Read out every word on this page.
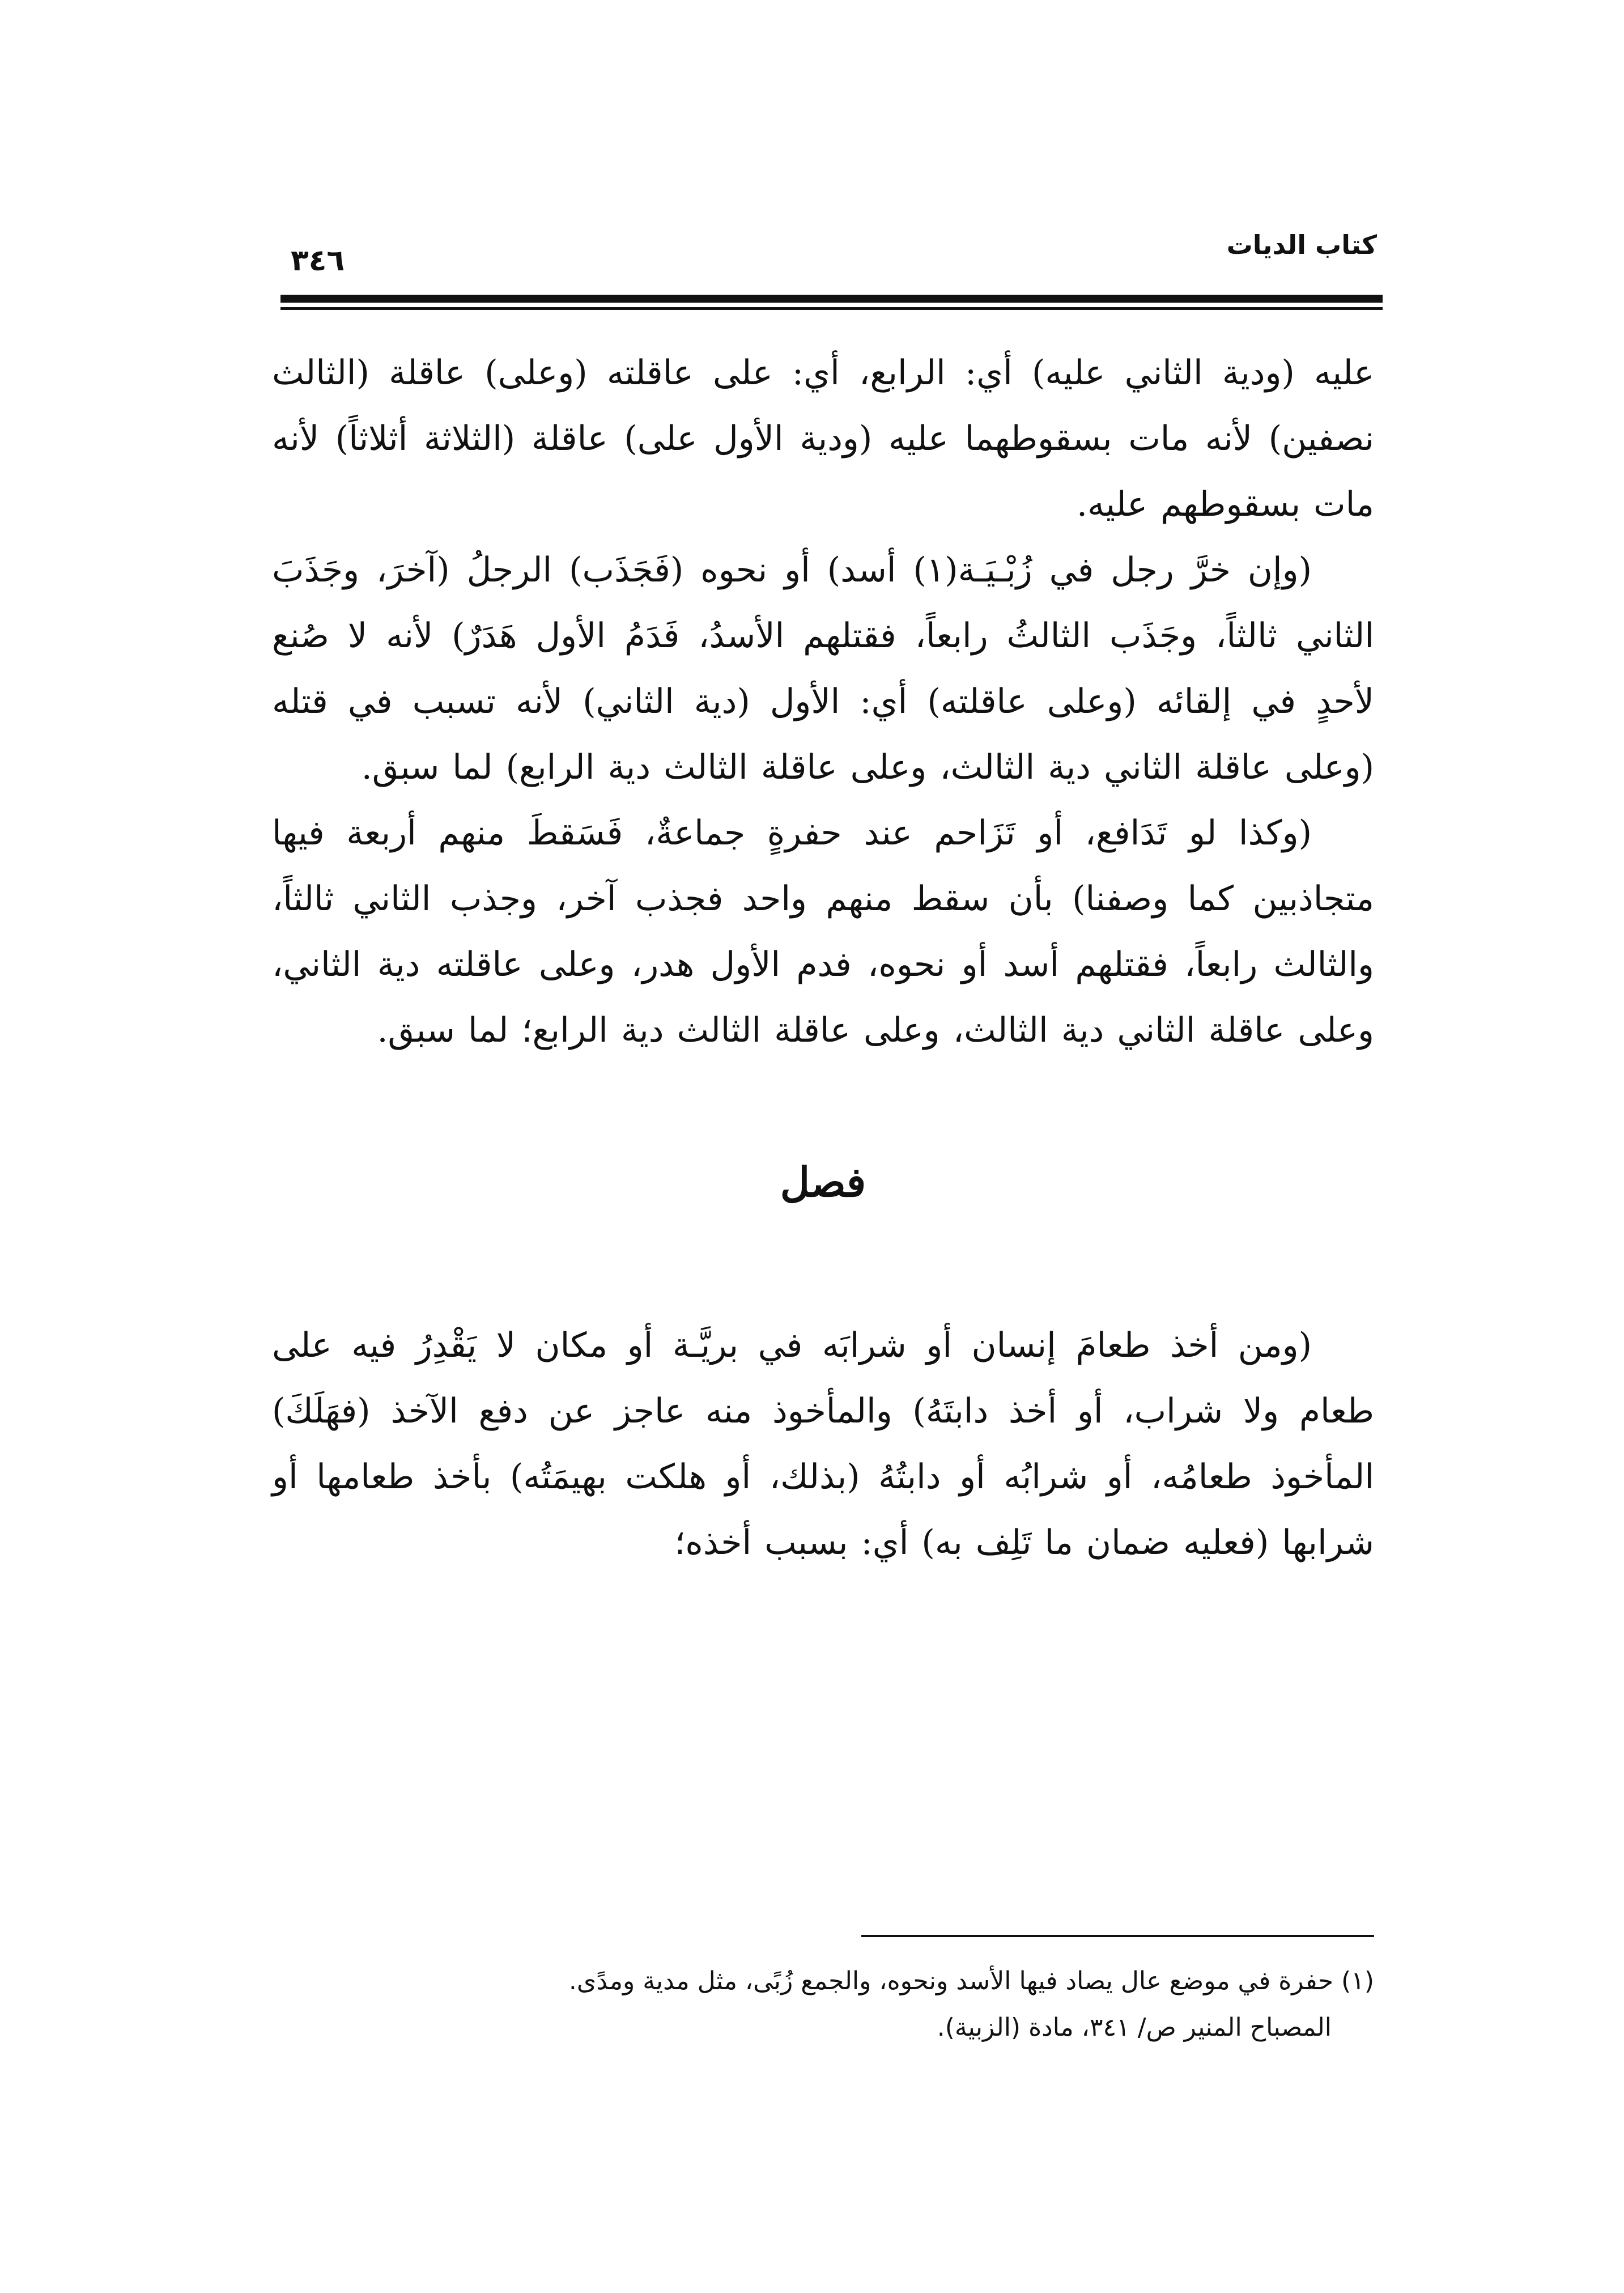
كتاب الديات
٣٤٦

عليه (ودية الثاني عليه) أي: الرابع، أي: على عاقلته (وعلى) عاقلة (الثالث نصفين) لأنه مات بسقوطهما عليه (ودية الأول على) عاقلة (الثلاثة أثلاثاً) لأنه مات بسقوطهم عليه.

(وإن خرَّ رجل في زُبْـيَـة(١) أسد) أو نحوه (فَجَذَب) الرجلُ (آخرَ، وجَذَبَ الثاني ثالثاً، وجَذَب الثالثُ رابعاً، فقتلهم الأسدُ، فَدَمُ الأول هَدَرٌ) لأنه لا صُنع لأحدٍ في إلقائه (وعلى عاقلته) أي: الأول (دية الثاني) لأنه تسبب في قتله (وعلى عاقلة الثاني دية الثالث، وعلى عاقلة الثالث دية الرابع) لما سبق.

(وكذا لو تَدَافع، أو تَزَاحم عند حفرةٍ جماعةٌ، فَسَقطَ منهم أربعة فيها متجاذبين كما وصفنا) بأن سقط منهم واحد فجذب آخر، وجذب الثاني ثالثاً، والثالث رابعاً، فقتلهم أسد أو نحوه، فدم الأول هدر، وعلى عاقلته دية الثاني، وعلى عاقلة الثاني دية الثالث، وعلى عاقلة الثالث دية الرابع؛ لما سبق.

فصل

(ومن أخذ طعامَ إنسان أو شرابَه في بريَّـة أو مكان لا يَقْدِرُ فيه على طعام ولا شراب، أو أخذ دابتَهُ) والمأخوذ منه عاجز عن دفع الآخذ (فهَلَكَ) المأخوذ طعامُه، أو شرابُه أو دابتُهُ (بذلك، أو هلكت بهيمَتُه) بأخذ طعامها أو شرابها (فعليه ضمان ما تَلِف به) أي: بسبب أخذه؛

(١) حفرة في موضع عال يصاد فيها الأسد ونحوه، والجمع زُبًى، مثل مدية ومدًى.

المصباح المنير ص/ ٣٤١، مادة (الزبية).
